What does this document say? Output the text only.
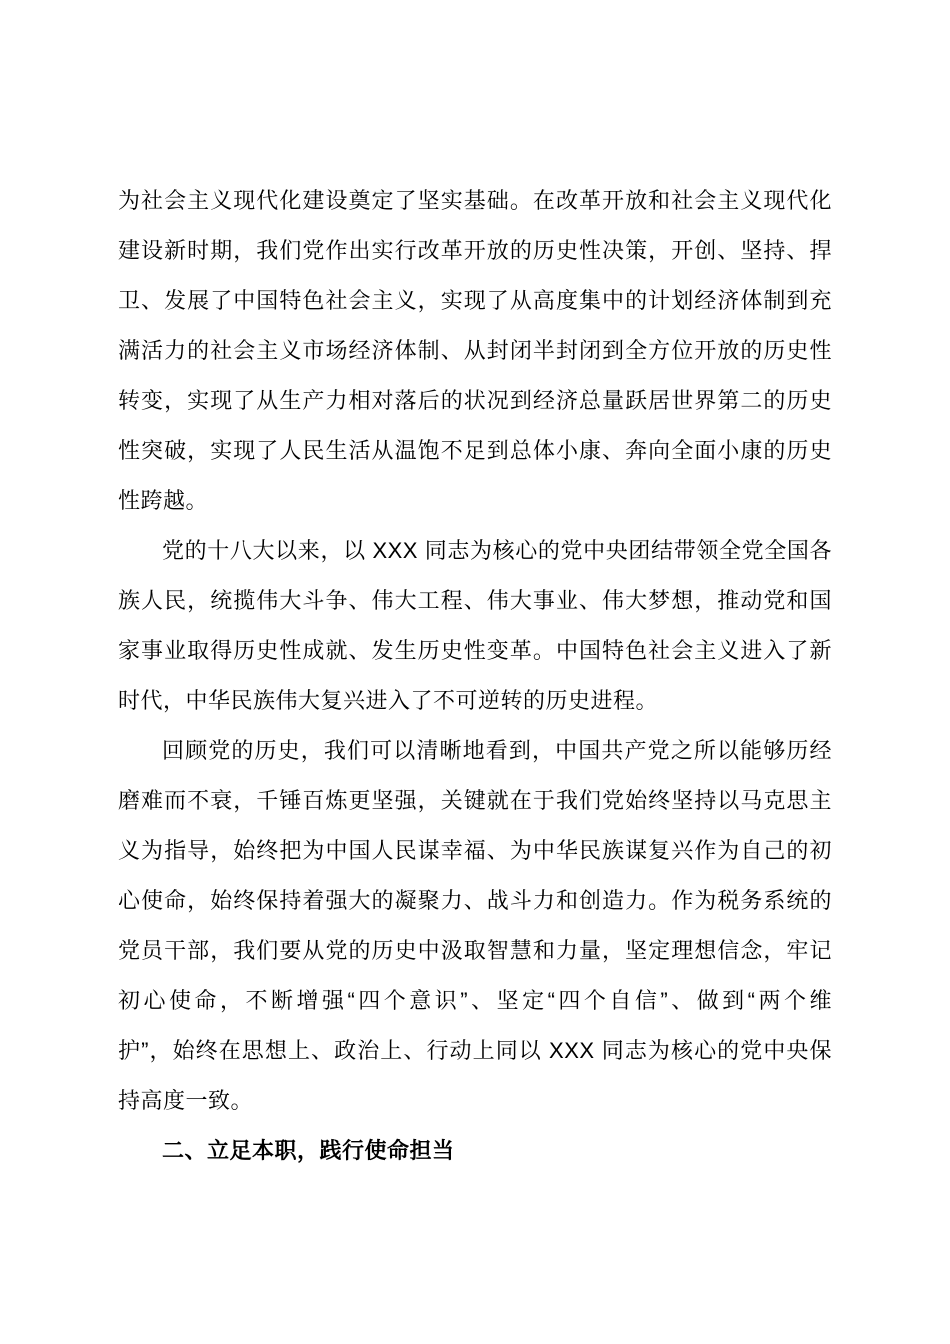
为社会主义现代化建设奠定了坚实基础。在改革开放和社会主义现代化
建设新时期，我们党作出实行改革开放的历史性决策，开创、坚持、捍
卫、发展了中国特色社会主义，实现了从高度集中的计划经济体制到充
满活力的社会主义市场经济体制、从封闭半封闭到全方位开放的历史性
转变，实现了从生产力相对落后的状况到经济总量跃居世界第二的历史
性突破，实现了人民生活从温饱不足到总体小康、奔向全面小康的历史
性跨越。
党的十八大以来，以 XXX 同志为核心的党中央团结带领全党全国各
族人民，统揽伟大斗争、伟大工程、伟大事业、伟大梦想，推动党和国
家事业取得历史性成就、发生历史性变革。中国特色社会主义进入了新
时代，中华民族伟大复兴进入了不可逆转的历史进程。
回顾党的历史，我们可以清晰地看到，中国共产党之所以能够历经
磨难而不衰，千锤百炼更坚强，关键就在于我们党始终坚持以马克思主
义为指导，始终把为中国人民谋幸福、为中华民族谋复兴作为自己的初
心使命，始终保持着强大的凝聚力、战斗力和创造力。作为税务系统的
党员干部，我们要从党的历史中汲取智慧和力量，坚定理想信念，牢记
初心使命，不断增强“四个意识”、坚定“四个自信”、做到“两个维
护”，始终在思想上、政治上、行动上同以 XXX 同志为核心的党中央保
持高度一致。
二、立足本职，践行使命担当
